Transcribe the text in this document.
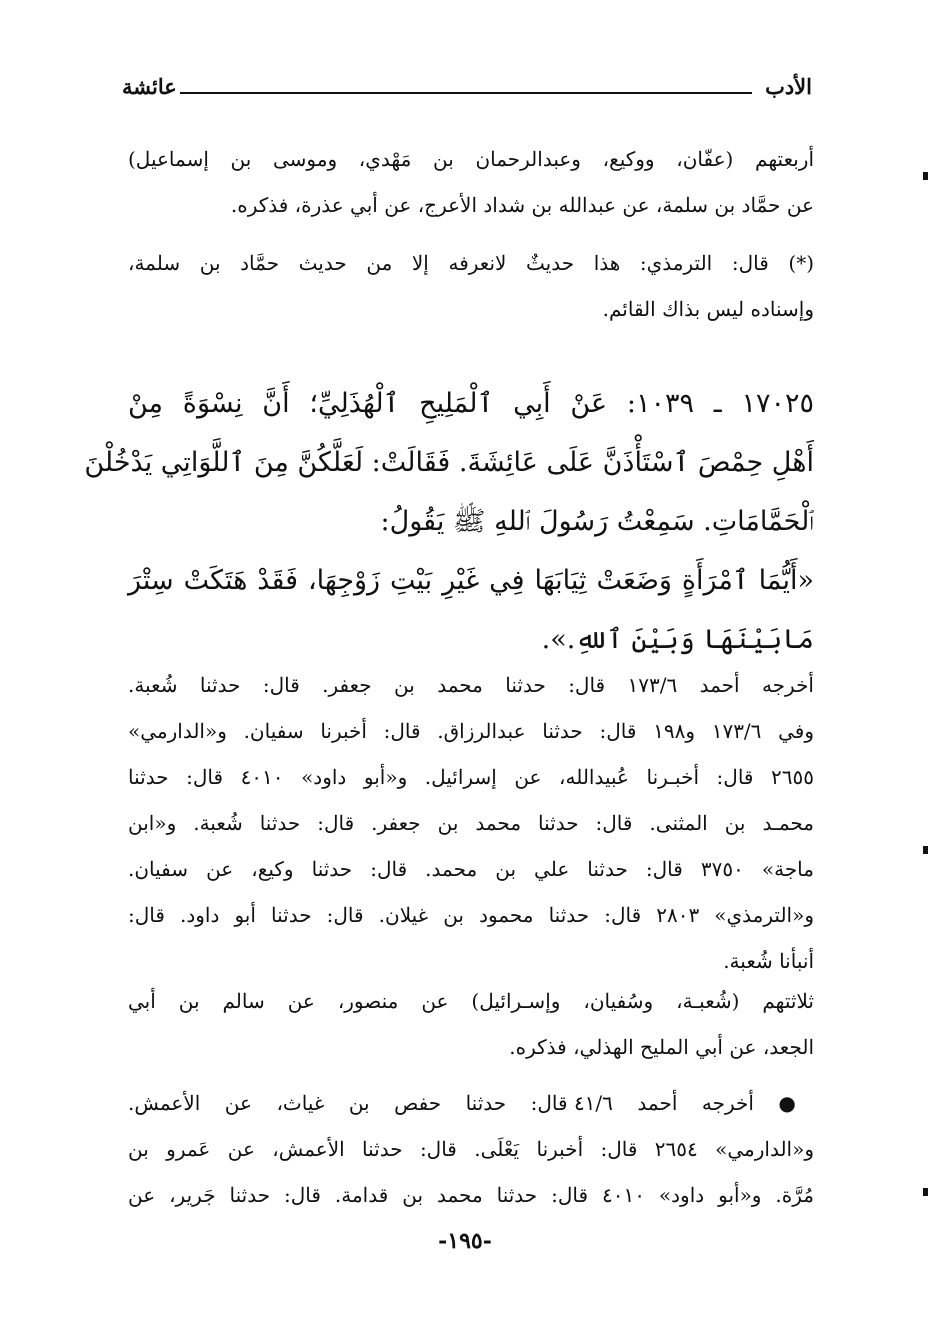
الأدب
عائشة
أربعتهم (عفّان، ووكيع، وعبدالرحمان بن مَهْدي، وموسى بن إسماعيل)
عن حمَّاد بن سلمة، عن عبدالله بن شداد الأعرج، عن أبي عذرة، فذكره.
(*) قال: الترمذي: هذا حديثٌ لانعرفه إلا من حديث حمَّاد بن سلمة،
وإسناده ليس بذاك القائم.
١٧٠٢٥ ـ ١٠٣٩: عَنْ أَبِي ٱلْمَلِيحِ ٱلْهُذَلِيِّ؛ أَنَّ نِسْوَةً مِنْ
أَهْلِ حِمْصَ ٱسْتَأْذَنَّ عَلَى عَائِشَةَ. فَقَالَتْ: لَعَلَّكُنَّ مِنَ ٱللَّوَاتِي يَدْخُلْنَ
ٱلْحَمَّامَاتِ. سَمِعْتُ رَسُولَ ٱللهِ ﷺ يَقُولُ:
«أَيُّمَا ٱمْرَأَةٍ وَضَعَتْ ثِيَابَهَا فِي غَيْرِ بَيْتِ زَوْجِهَا، فَقَدْ هَتَكَتْ سِتْرَ
مَابَيْنَهَا وَبَيْنَ ٱللهِ.».
أخرجه أحمد ١٧٣/٦ قال: حدثنا محمد بن جعفر. قال: حدثنا شُعبة.
وفي ١٧٣/٦ و١٩٨ قال: حدثنا عبدالرزاق. قال: أخبرنا سفيان. و«الدارمي»
٢٦٥٥ قال: أخبـرنا عُبيدالله، عن إسرائيل. و«أبو داود» ٤٠١٠ قال: حدثنا
محمـد بن المثنى. قال: حدثنا محمد بن جعفر. قال: حدثنا شُعبة. و«ابن
ماجة» ٣٧٥٠ قال: حدثنا علي بن محمد. قال: حدثنا وكيع، عن سفيان.
و«الترمذي» ٢٨٠٣ قال: حدثنا محمود بن غيلان. قال: حدثنا أبو داود. قال:
أنبأنا شُعبة.
ثلاثتهم (شُعبـة، وسُفيان، وإسـرائيل) عن منصور، عن سالم بن أبي
الجعد، عن أبي المليح الهذلي، فذكره.
● أخرجه أحمد ٤١/٦ قال: حدثنا حفص بن غياث، عن الأعمش.
و«الدارمي» ٢٦٥٤ قال: أخبرنا يَعْلَى. قال: حدثنا الأعمش، عن عَمرو بن
مُرَّة. و«أبو داود» ٤٠١٠ قال: حدثنا محمد بن قدامة. قال: حدثنا جَرير، عن
-١٩٥-
